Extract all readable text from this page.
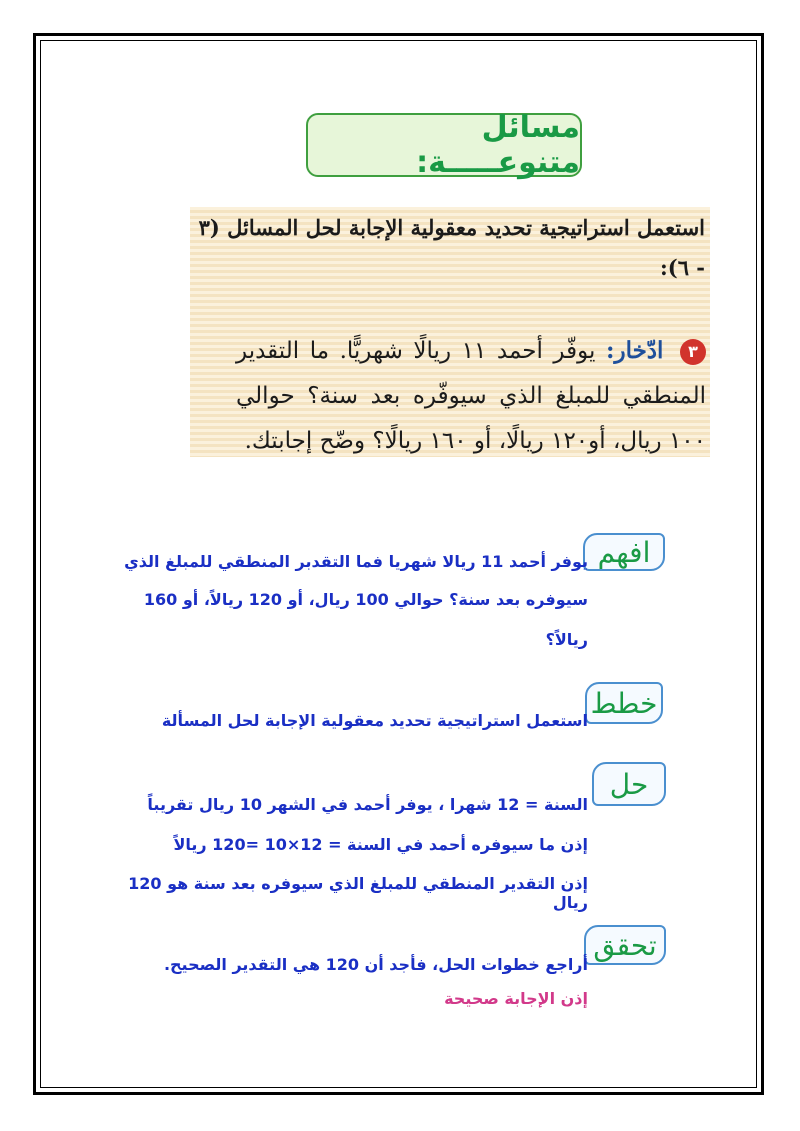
مسائل متنوعـــــة:
استعمل استراتيجية تحديد معقولية الإجابة لحل المسائل (٣ - ٦):
٣ ادّخار: يوفّر أحمد ١١ ريالًا شهريًّا. ما التقدير المنطقي للمبلغ الذي سيوفّره بعد سنة؟ حوالي ١٠٠ ريال، أو١٢٠ ريالًا، أو ١٦٠ ريالًا؟ وضّح إجابتك.
افهم
يوفر أحمد 11 ريالا شهريا فما التقدبر المنطقي للمبلغ الذي
سيوفره بعد سنة؟ حوالي 100 ريال، أو 120 ريالاً، أو 160
ريالاً؟
خطط
استعمل استراتيجية تحديد معقولية الإجابة لحل المسألة
حل
السنة = 12 شهرا ، يوفر أحمد في الشهر 10 ريال تقريباً
إذن ما سيوفره أحمد في السنة = 12×10 =120 ريالاً
إذن التقدير المنطقي للمبلغ الذي سيوفره بعد سنة هو 120 ريال
تحقق
أراجع خطوات الحل، فأجد أن 120 هي التقدير الصحيح.
إذن الإجابة صحيحة
